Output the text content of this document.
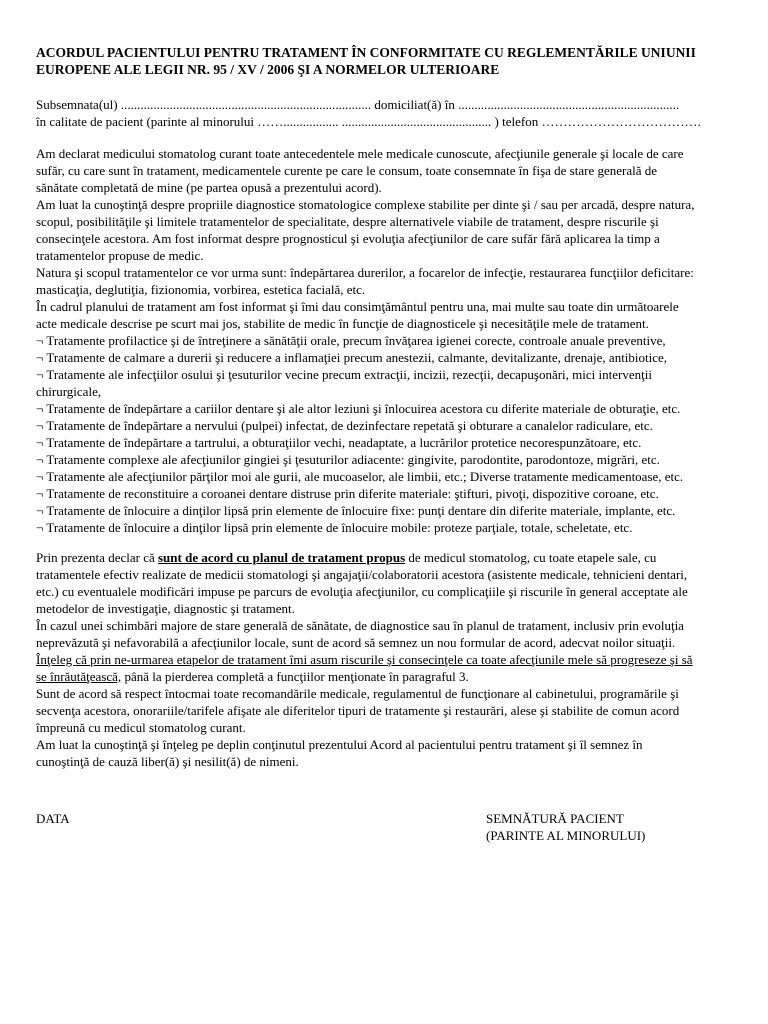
ACORDUL PACIENTULUI PENTRU TRATAMENT ÎN CONFORMITATE CU REGLEMENTĂRILE UNIUNII
EUROPENE ALE LEGII NR. 95 / XV / 2006 ŞI A NORMELOR ULTERIOARE
Subsemnata(ul) ............................................................................. domiciliat(ă) în ....................................................................
în calitate de pacient (parinte al minorului ……................. .............................................. ) telefon ……………………………….
Am declarat medicului stomatolog curant toate antecedentele mele medicale cunoscute, afecţiunile generale şi locale de care
sufăr, cu care sunt în tratament, medicamentele curente pe care le consum, toate consemnate în fişa de stare generală de
sănătate completată de mine (pe partea opusă a prezentului acord).
Am luat la cunoştinţă despre propriile diagnostice stomatologice complexe stabilite per dinte şi / sau per arcadă, despre natura,
scopul, posibilităţile şi limitele tratamentelor de specialitate, despre alternativele viabile de tratament, despre riscurile şi
consecinţele acestora. Am fost informat despre prognosticul şi evoluţia afecţiunilor de care sufăr fără aplicarea la timp a
tratamentelor propuse de medic.
Natura şi scopul tratamentelor ce vor urma sunt: îndepărtarea durerilor, a focarelor de infecţie, restaurarea funcţiilor deficitare:
masticaţia, deglutiţia, fizionomia, vorbirea, estetica facială, etc.
În cadrul planului de tratament am fost informat şi îmi dau consimţământul pentru una, mai multe sau toate din următoarele
acte medicale descrise pe scurt mai jos, stabilite de medic în funcţie de diagnosticele şi necesităţile mele de tratament.
¬ Tratamente profilactice şi de întreţinere a sănătăţii orale, precum învăţarea igienei corecte, controale anuale preventive,
¬ Tratamente de calmare a durerii şi reducere a inflamaţiei precum anestezii, calmante, devitalizante, drenaje, antibiotice,
¬ Tratamente ale infecţiilor osului şi ţesuturilor vecine precum extracţii, incizii, rezecţii, decapuşonări, mici intervenţii
chirurgicale,
¬ Tratamente de îndepărtare a cariilor dentare şi ale altor leziuni şi înlocuirea acestora cu diferite materiale de obturaţie, etc.
¬ Tratamente de îndepărtare a nervului (pulpei) infectat, de dezinfectare repetată şi obturare a canalelor radiculare, etc.
¬ Tratamente de îndepărtare a tartrului, a obturaţiilor vechi, neadaptate, a lucrărilor protetice necorespunzătoare, etc.
¬ Tratamente complexe ale afecţiunilor gingiei şi ţesuturilor adiacente: gingivite, parodontite, parodontoze, migrări, etc.
¬ Tratamente ale afecţiunilor părţilor moi ale gurii, ale mucoaselor, ale limbii, etc.; Diverse tratamente medicamentoase, etc.
¬ Tratamente de reconstituire a coroanei dentare distruse prin diferite materiale: ştifturi, pivoţi, dispozitive coroane, etc.
¬ Tratamente de înlocuire a dinţilor lipsă prin elemente de înlocuire fixe: punţi dentare din diferite materiale, implante, etc.
¬ Tratamente de înlocuire a dinţilor lipsă prin elemente de înlocuire mobile: proteze parţiale, totale, scheletate, etc.
Prin prezenta declar că sunt de acord cu planul de tratament propus de medicul stomatolog, cu toate etapele sale, cu
tratamentele efectiv realizate de medicii stomatologi şi angajaţii/colaboratorii acestora (asistente medicale, tehnicieni dentari,
etc.) cu eventualele modificări impuse pe parcurs de evoluţia afecţiunilor, cu complicaţiile şi riscurile în general acceptate ale
metodelor de investigaţie, diagnostic şi tratament.
În cazul unei schimbări majore de stare generală de sănătate, de diagnostice sau în planul de tratament, inclusiv prin evoluţia
neprevăzută şi nefavorabilă a afecţiunilor locale, sunt de acord să semnez un nou formular de acord, adecvat noilor situaţii.
Înţeleg că prin ne-urmarea etapelor de tratament îmi asum riscurile şi consecinţele ca toate afecţiunile mele să progreseze şi să
se înrăutăţească, până la pierderea completă a funcţiilor menţionate în paragraful 3.
Sunt de acord să respect întocmai toate recomandările medicale, regulamentul de funcţionare al cabinetului, programările şi
secvenţa acestora, onorariile/tarifele afişate ale diferitelor tipuri de tratamente şi restaurări, alese şi stabilite de comun acord
împreună cu medicul stomatolog curant.
Am luat la cunoştinţă şi înţeleg pe deplin conţinutul prezentului Acord al pacientului pentru tratament şi îl semnez în
cunoştinţă de cauză liber(ă) şi nesilit(ă) de nimeni.
DATA	SEMNĂTURĂ PACIENT
(PARINTE AL MINORULUI)
